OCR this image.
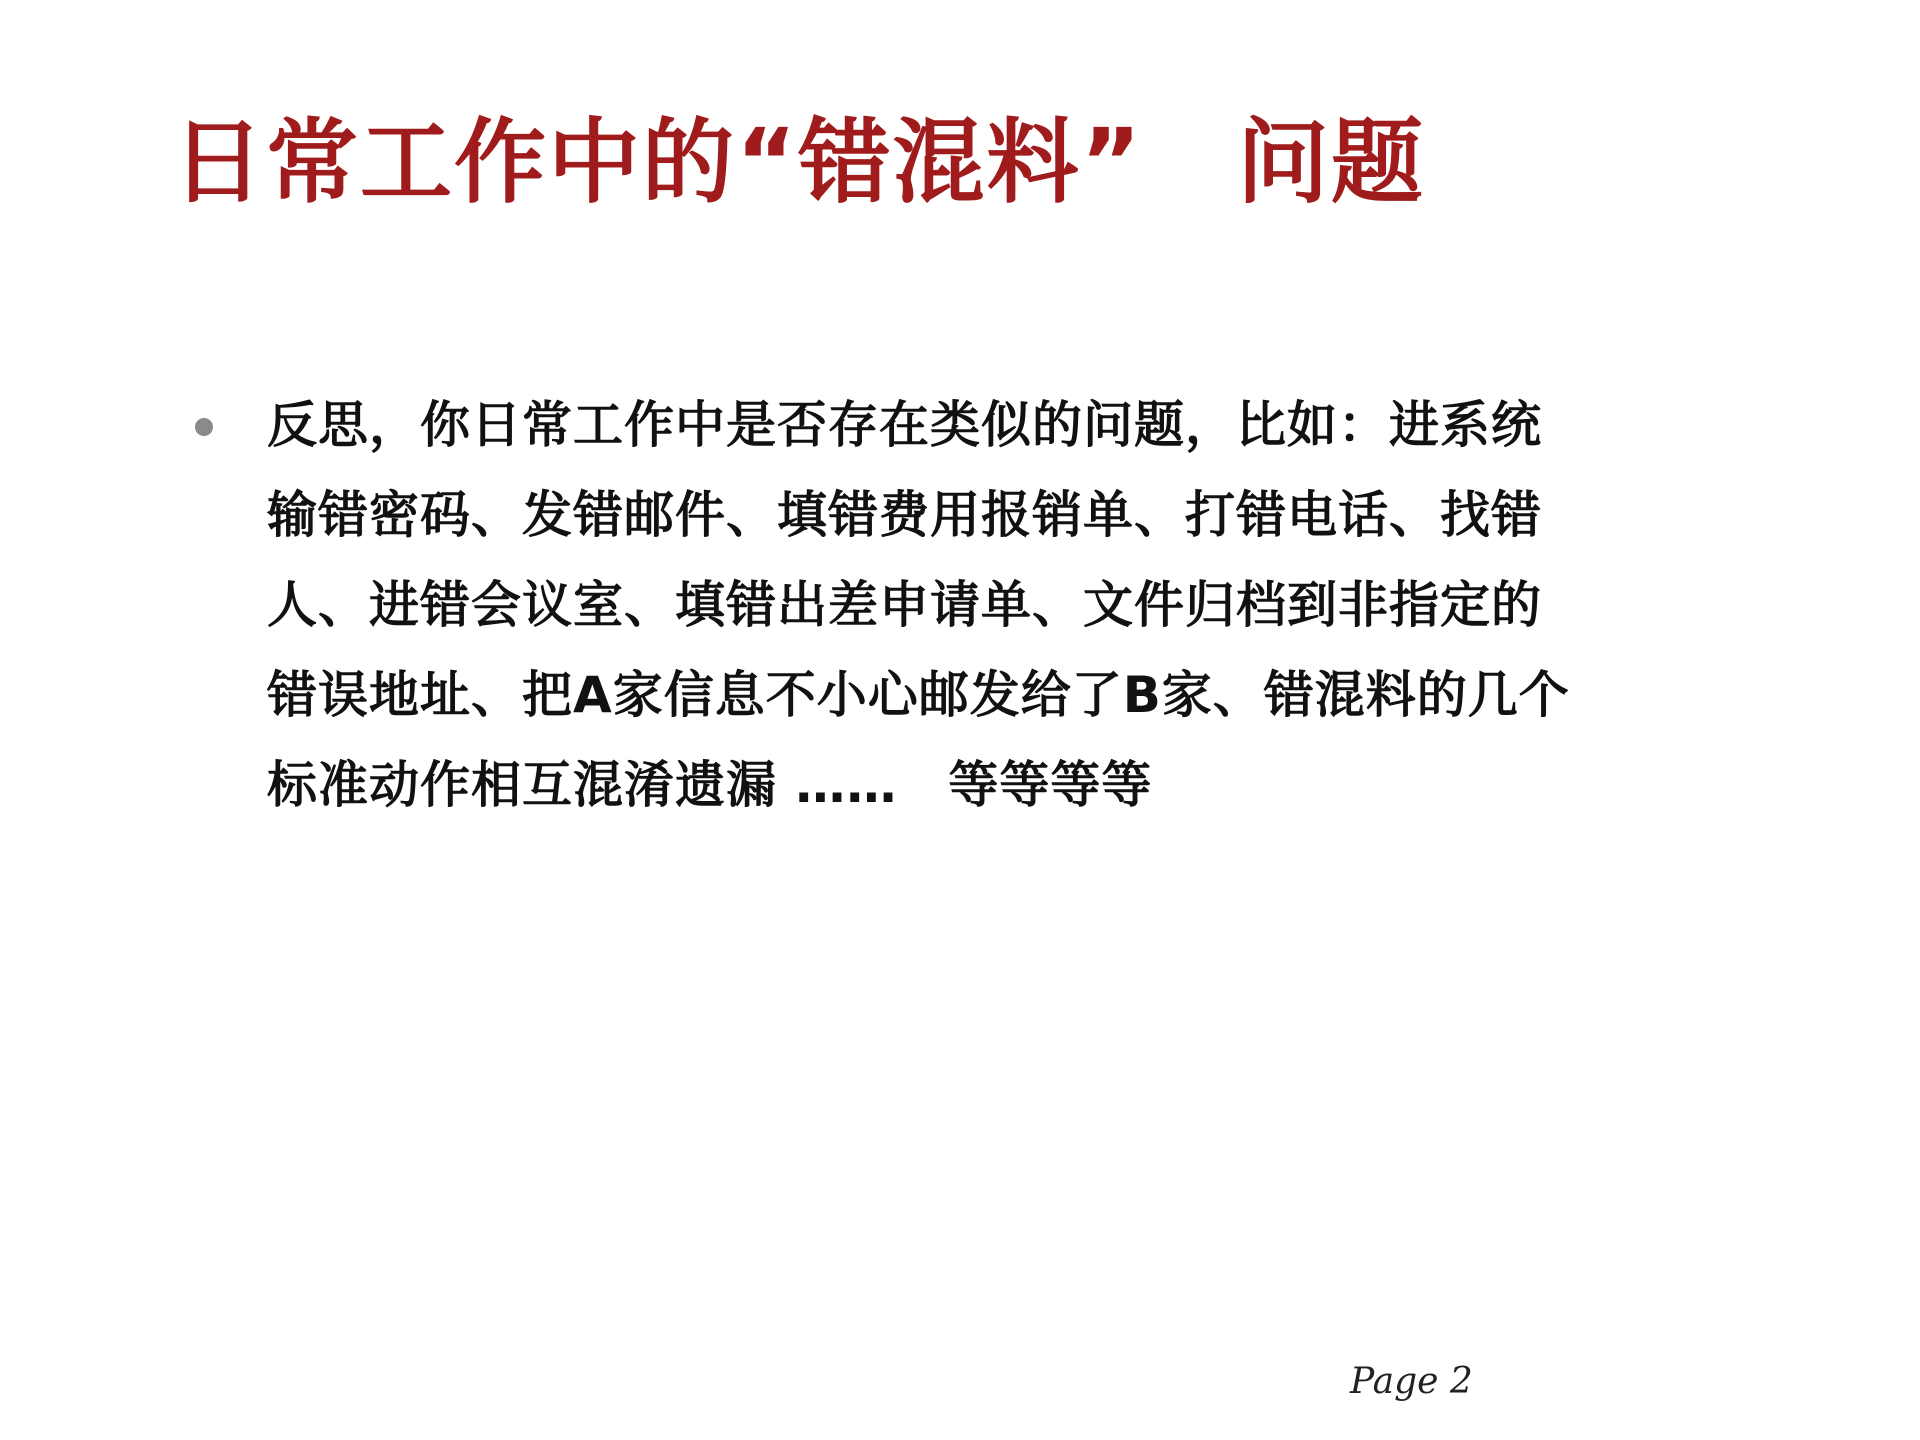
日常工作中的“错混料”　问题
反思，你日常工作中是否存在类似的问题，比如：进系统
输错密码、发错邮件、填错费用报销单、打错电话、找错
人、进错会议室、填错出差申请单、文件归档到非指定的
错误地址、把A家信息不小心邮发给了B家、错混料的几个
标准动作相互混淆遗漏 ……　等等等等
Page 2
